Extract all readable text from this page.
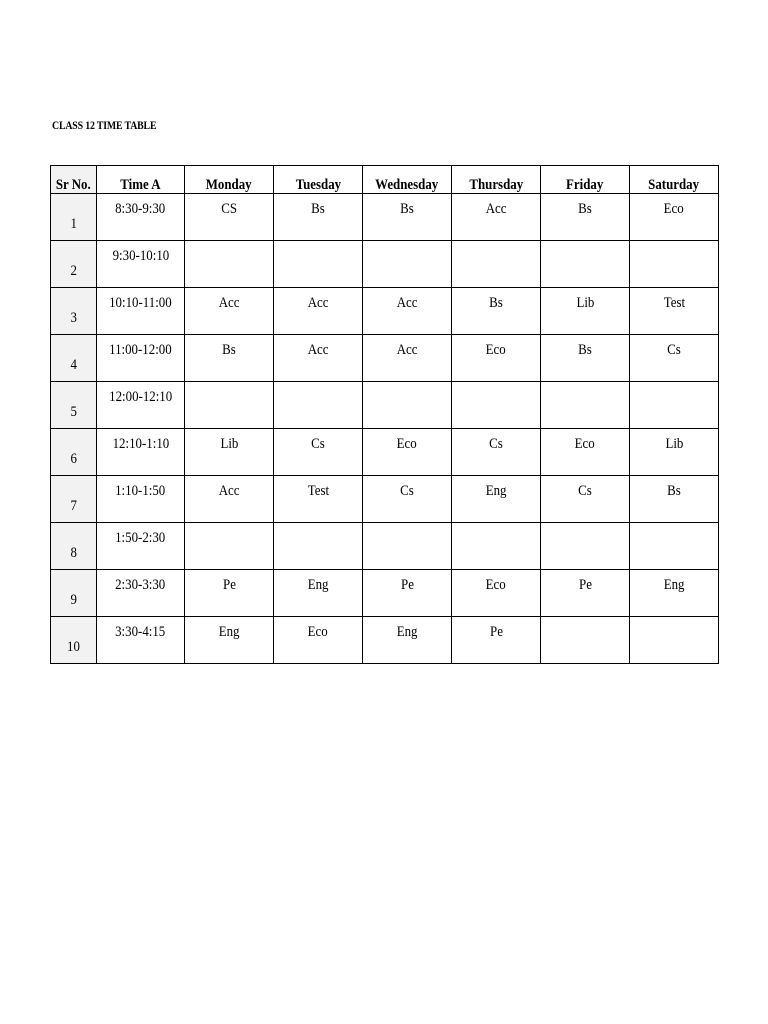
CLASS 12 TIME TABLE
Sr No.	Time A	Monday	Tuesday	Wednesday	Thursday	Friday	Saturday
1	8:30-9:30	CS	Bs	Bs	Acc	Bs	Eco
2	9:30-10:10						
3	10:10-11:00	Acc	Acc	Acc	Bs	Lib	Test
4	11:00-12:00	Bs	Acc	Acc	Eco	Bs	Cs
5	12:00-12:10						
6	12:10-1:10	Lib	Cs	Eco	Cs	Eco	Lib
7	1:10-1:50	Acc	Test	Cs	Eng	Cs	Bs
8	1:50-2:30						
9	2:30-3:30	Pe	Eng	Pe	Eco	Pe	Eng
10	3:30-4:15	Eng	Eco	Eng	Pe		
